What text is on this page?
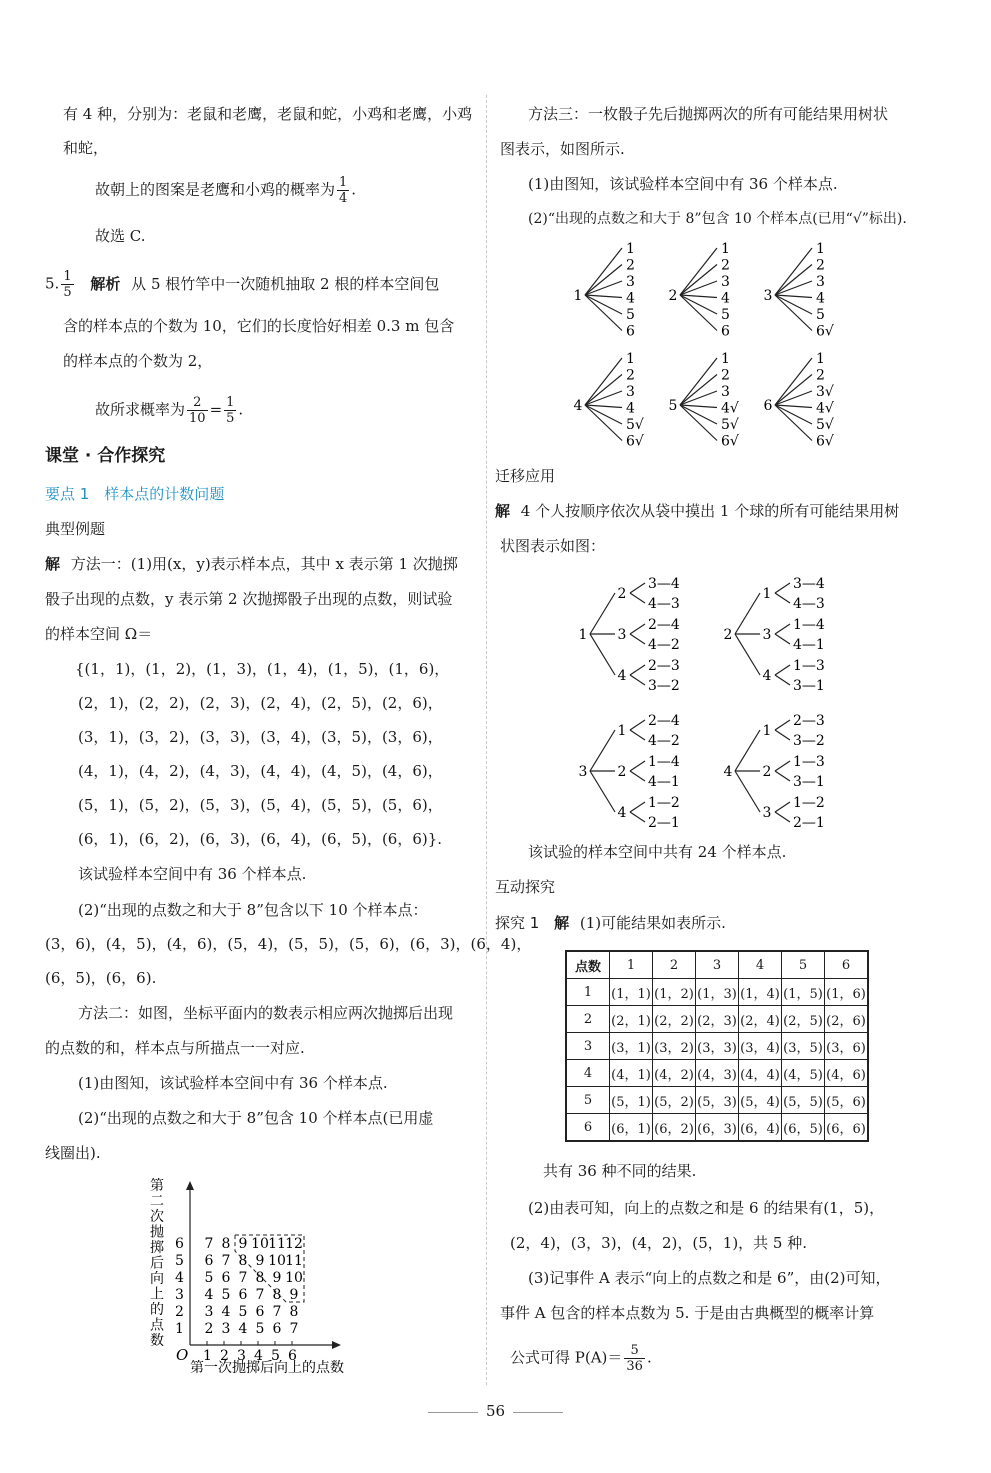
有 4 种，分别为：老鼠和老鹰，老鼠和蛇，小鸡和老鹰，小鸡

和蛇，

故朝上的图案是老鹰和小鸡的概率为 $\frac{1}{4}$ .

故选 C.

5. $\frac{1}{5}$ 解析 从 5 根竹竿中一次随机抽取 2 根的样本空间包

含的样本点的个数为 10，它们的长度恰好相差 0.3 m 包含

的样本点的个数为 2，

故所求概率为 $\frac{2}{10} = \frac{1}{5}$ .

课堂 · 合作探究

要点 1　样本点的计数问题

典型例题

解 方法一：(1)用(x，y)表示样本点，其中 x 表示第 1 次抛掷

骰子出现的点数，y 表示第 2 次抛掷骰子出现的点数，则试验

的样本空间 Ω＝

{(1，1)，(1，2)，(1，3)，(1，4)，(1，5)，(1，6)，

(2，1)，(2，2)，(2，3)，(2，4)，(2，5)，(2，6)，

(3，1)，(3，2)，(3，3)，(3，4)，(3，5)，(3，6)，

(4，1)，(4，2)，(4，3)，(4，4)，(4，5)，(4，6)，

(5，1)，(5，2)，(5，3)，(5，4)，(5，5)，(5，6)，

(6，1)，(6，2)，(6，3)，(6，4)，(6，5)，(6，6)}.

该试验样本空间中有 36 个样本点.

(2)“出现的点数之和大于 8”包含以下 10 个样本点：

(3，6)，(4，5)，(4，6)，(5，4)，(5，5)，(5，6)，(6，3)，(6，4)，

(6，5)，(6，6).

方法二：如图，坐标平面内的数表示相应两次抛掷后出现

的点数的和，样本点与所描点一一对应.

(1)由图知，该试验样本空间中有 36 个样本点.

(2)“出现的点数之和大于 8”包含 10 个样本点(已用虚

线圈出).

第
二
次
抛
掷
后
向
上
的
点
数
O 1 2 3 4 5 6
1
2
3
4
5
6
2 3 4 5 6 7
3 4 5 6 7 8
4 5 6 7 8 9
5 6 7 8 9 10
6 7 8 9 10 11
7 8 9 10 11 12
第一次抛掷后向上的点数

方法三：一枚骰子先后抛掷两次的所有可能结果用树状

图表示，如图所示.

(1)由图知，该试验样本空间中有 36 个样本点.

(2)“出现的点数之和大于 8”包含 10 个样本点(已用“√”标出).

迁移应用

解 4 个人按顺序依次从袋中摸出 1 个球的所有可能结果用树

状图表示如图：

该试验的样本空间中共有 24 个样本点.

互动探究

探究 1 解 (1)可能结果如表所示.

共有 36 种不同的结果.

(2)由表可知，向上的点数之和是 6 的结果有(1，5)，

(2，4)，(3，3)，(4，2)，(5，1)，共 5 种.

(3)记事件 A 表示“向上的点数之和是 6”，由(2)可知，

事件 A 包含的样本点数为 5. 于是由古典概型的概率计算

公式可得 $P(A)= \frac{5}{36}$ .

1
1
2
3
4
5
6
2
1
2
3
4
5
6
3
1
2
3
4
5
6√
4
1
2
3
4
5√
6√
5
1
2
3
4√
5√
6√
6
1
2
3√
4√
5√
6√
1
2
3—4
4—3
3
2—4
4—2
4
2—3
3—2
2
1
3—4
4—3
3
1—4
4—1
4
1—3
3—1
3
1
2—4
4—2
2
1—4
4—1
4
1—2
2—1
4
1
2—3
3—2
2
1—3
3—1
3
1—2
2—1
点数	1	2	3	4	5	6
1	(1，1)	(1，2)	(1，3)	(1，4)	(1，5)	(1，6)
2	(2，1)	(2，2)	(2，3)	(2，4)	(2，5)	(2，6)
3	(3，1)	(3，2)	(3，3)	(3，4)	(3，5)	(3，6)
4	(4，1)	(4，2)	(4，3)	(4，4)	(4，5)	(4，6)
5	(5，1)	(5，2)	(5，3)	(5，4)	(5，5)	(5，6)
6	(6，1)	(6，2)	(6，3)	(6，4)	(6，5)	(6，6)
56
